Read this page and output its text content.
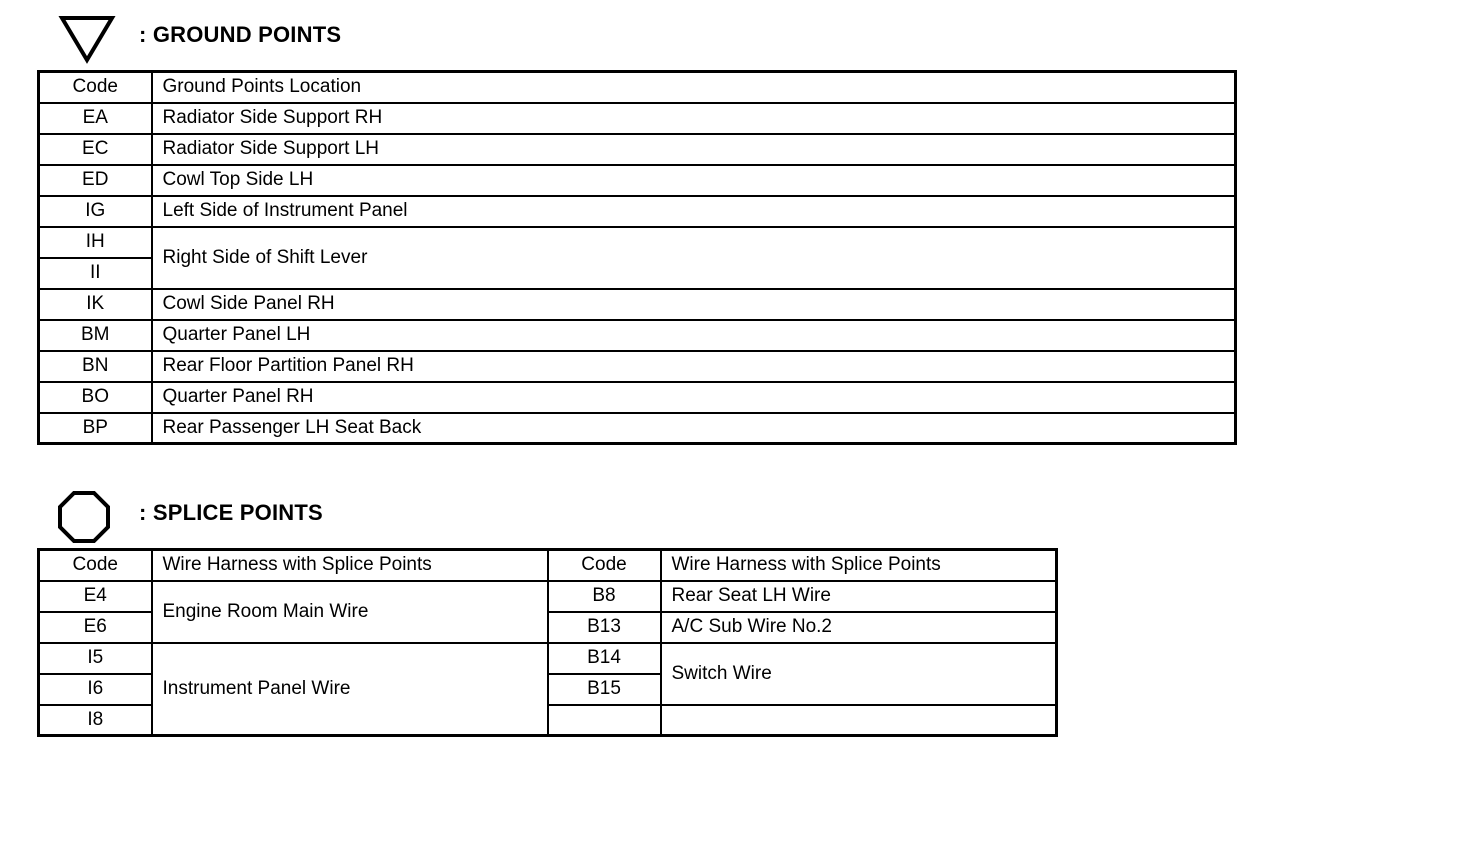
: GROUND POINTS
Code	Ground Points Location
EA	Radiator Side Support RH
EC	Radiator Side Support LH
ED	Cowl Top Side LH
IG	Left Side of Instrument Panel
IH	Right Side of Shift Lever
II	
IK	Cowl Side Panel RH
BM	Quarter Panel LH
BN	Rear Floor Partition Panel RH
BO	Quarter Panel RH
BP	Rear Passenger LH Seat Back
: SPLICE POINTS
Code	Wire Harness with Splice Points	Code	Wire Harness with Splice Points
E4	Engine Room Main Wire	B8	Rear Seat LH Wire
E6		B13	A/C Sub Wire No.2
I5	Instrument Panel Wire	B14	Switch Wire
I6		B15	
I8			
